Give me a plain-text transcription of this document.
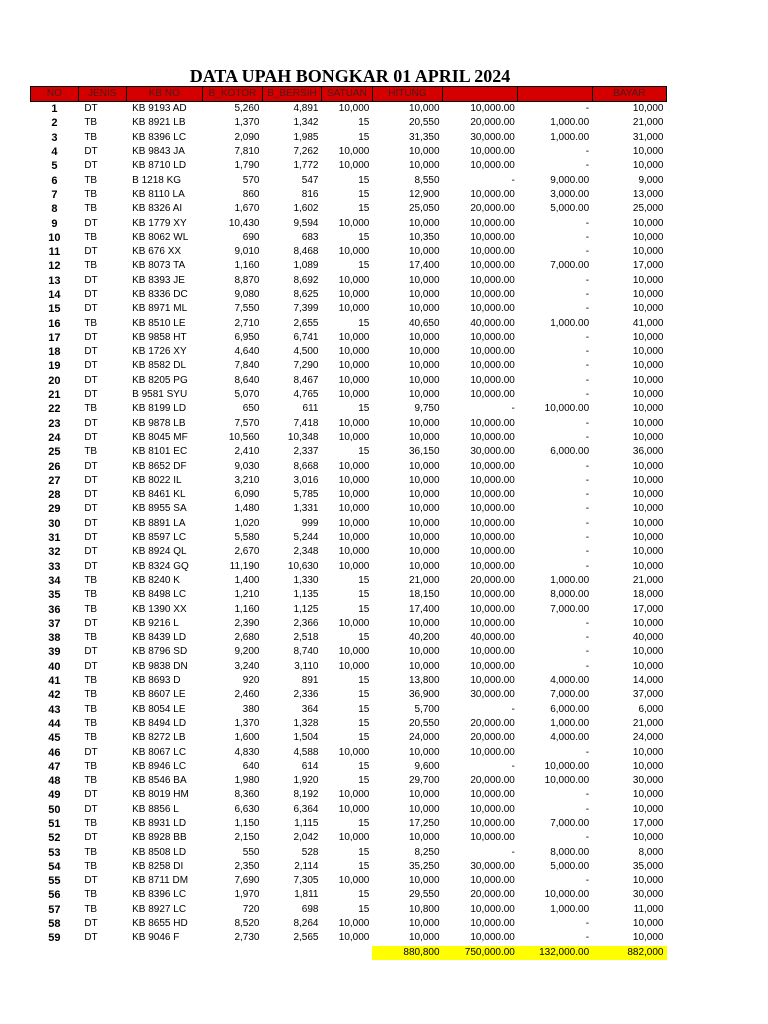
DATA UPAH BONGKAR 01 APRIL 2024
NO	JENIS	KB NO	B_KOTOR	B_BERSIH	SATUAN	HITUNG			BAYAR
1	DT	KB 9193 AD	5,260	4,891	10,000	10,000	10,000.00	-	10,000
2	TB	KB 8921 LB	1,370	1,342	15	20,550	20,000.00	1,000.00	21,000
3	TB	KB 8396 LC	2,090	1,985	15	31,350	30,000.00	1,000.00	31,000
4	DT	KB 9843 JA	7,810	7,262	10,000	10,000	10,000.00	-	10,000
5	DT	KB 8710 LD	1,790	1,772	10,000	10,000	10,000.00	-	10,000
6	TB	B 1218 KG	570	547	15	8,550	-	9,000.00	9,000
7	TB	KB 8110 LA	860	816	15	12,900	10,000.00	3,000.00	13,000
8	TB	KB 8326 AI	1,670	1,602	15	25,050	20,000.00	5,000.00	25,000
9	DT	KB 1779 XY	10,430	9,594	10,000	10,000	10,000.00	-	10,000
10	TB	KB 8062 WL	690	683	15	10,350	10,000.00	-	10,000
11	DT	KB 676 XX	9,010	8,468	10,000	10,000	10,000.00	-	10,000
12	TB	KB 8073 TA	1,160	1,089	15	17,400	10,000.00	7,000.00	17,000
13	DT	KB 8393 JE	8,870	8,692	10,000	10,000	10,000.00	-	10,000
14	DT	KB 8336 DC	9,080	8,625	10,000	10,000	10,000.00	-	10,000
15	DT	KB 8971 ML	7,550	7,399	10,000	10,000	10,000.00	-	10,000
16	TB	KB 8510 LE	2,710	2,655	15	40,650	40,000.00	1,000.00	41,000
17	DT	KB 9858 HT	6,950	6,741	10,000	10,000	10,000.00	-	10,000
18	DT	KB 1726 XY	4,640	4,500	10,000	10,000	10,000.00	-	10,000
19	DT	KB 8582 DL	7,840	7,290	10,000	10,000	10,000.00	-	10,000
20	DT	KB 8205 PG	8,640	8,467	10,000	10,000	10,000.00	-	10,000
21	DT	B 9581 SYU	5,070	4,765	10,000	10,000	10,000.00	-	10,000
22	TB	KB 8199 LD	650	611	15	9,750	-	10,000.00	10,000
23	DT	KB 9878 LB	7,570	7,418	10,000	10,000	10,000.00	-	10,000
24	DT	KB 8045 MF	10,560	10,348	10,000	10,000	10,000.00	-	10,000
25	TB	KB 8101 EC	2,410	2,337	15	36,150	30,000.00	6,000.00	36,000
26	DT	KB 8652 DF	9,030	8,668	10,000	10,000	10,000.00	-	10,000
27	DT	KB 8022 IL	3,210	3,016	10,000	10,000	10,000.00	-	10,000
28	DT	KB 8461 KL	6,090	5,785	10,000	10,000	10,000.00	-	10,000
29	DT	KB 8955 SA	1,480	1,331	10,000	10,000	10,000.00	-	10,000
30	DT	KB 8891 LA	1,020	999	10,000	10,000	10,000.00	-	10,000
31	DT	KB 8597 LC	5,580	5,244	10,000	10,000	10,000.00	-	10,000
32	DT	KB 8924 QL	2,670	2,348	10,000	10,000	10,000.00	-	10,000
33	DT	KB 8324 GQ	11,190	10,630	10,000	10,000	10,000.00	-	10,000
34	TB	KB 8240 K	1,400	1,330	15	21,000	20,000.00	1,000.00	21,000
35	TB	KB 8498 LC	1,210	1,135	15	18,150	10,000.00	8,000.00	18,000
36	TB	KB 1390 XX	1,160	1,125	15	17,400	10,000.00	7,000.00	17,000
37	DT	KB 9216 L	2,390	2,366	10,000	10,000	10,000.00	-	10,000
38	TB	KB 8439 LD	2,680	2,518	15	40,200	40,000.00	-	40,000
39	DT	KB 8796 SD	9,200	8,740	10,000	10,000	10,000.00	-	10,000
40	DT	KB 9838 DN	3,240	3,110	10,000	10,000	10,000.00	-	10,000
41	TB	KB 8693 D	920	891	15	13,800	10,000.00	4,000.00	14,000
42	TB	KB 8607 LE	2,460	2,336	15	36,900	30,000.00	7,000.00	37,000
43	TB	KB 8054 LE	380	364	15	5,700	-	6,000.00	6,000
44	TB	KB 8494 LD	1,370	1,328	15	20,550	20,000.00	1,000.00	21,000
45	TB	KB 8272 LB	1,600	1,504	15	24,000	20,000.00	4,000.00	24,000
46	DT	KB 8067 LC	4,830	4,588	10,000	10,000	10,000.00	-	10,000
47	TB	KB 8946 LC	640	614	15	9,600	-	10,000.00	10,000
48	TB	KB 8546 BA	1,980	1,920	15	29,700	20,000.00	10,000.00	30,000
49	DT	KB 8019 HM	8,360	8,192	10,000	10,000	10,000.00	-	10,000
50	DT	KB 8856 L	6,630	6,364	10,000	10,000	10,000.00	-	10,000
51	TB	KB 8931 LD	1,150	1,115	15	17,250	10,000.00	7,000.00	17,000
52	DT	KB 8928 BB	2,150	2,042	10,000	10,000	10,000.00	-	10,000
53	TB	KB 8508 LD	550	528	15	8,250	-	8,000.00	8,000
54	TB	KB 8258 DI	2,350	2,114	15	35,250	30,000.00	5,000.00	35,000
55	DT	KB 8711 DM	7,690	7,305	10,000	10,000	10,000.00	-	10,000
56	TB	KB 8396 LC	1,970	1,811	15	29,550	20,000.00	10,000.00	30,000
57	TB	KB 8927 LC	720	698	15	10,800	10,000.00	1,000.00	11,000
58	DT	KB 8655 HD	8,520	8,264	10,000	10,000	10,000.00	-	10,000
59	DT	KB 9046 F	2,730	2,565	10,000	10,000	10,000.00	-	10,000
						880,800	750,000.00	132,000.00	882,000
